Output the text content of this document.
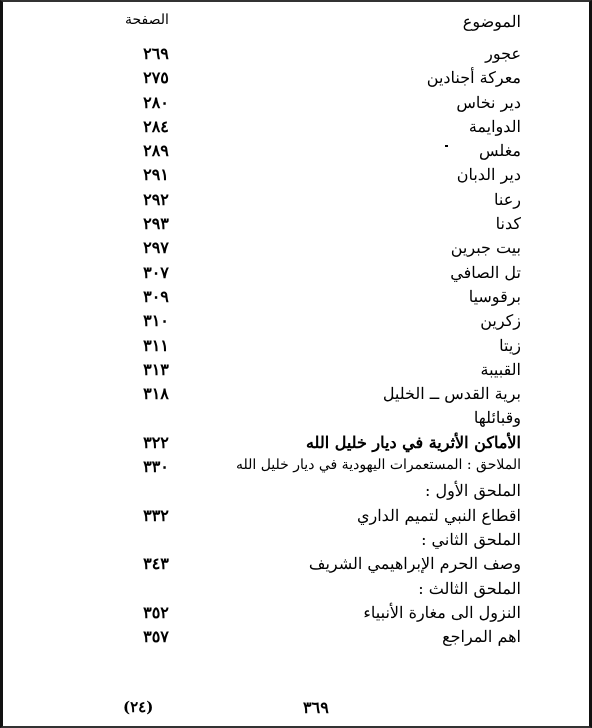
الموضوع
الصفحة
عجور
٢٦٩
معركة أجنادين
٢٧٥
دير نخاس
٢٨٠
الدوايمة
٢٨٤
مغلس
٢٨٩
دير الدبان
٢٩١
رعنا
٢٩٢
كدنا
٢٩٣
بيت جبرين
٢٩٧
تل الصافي
٣٠٧
برقوسيا
٣٠٩
زكرين
٣١٠
زيتا
٣١١
القبيبة
٣١٣
برية القدس ــ الخليل
٣١٨
وقبائلها
الأماكن الأثرية في ديار خليل الله
٣٢٢
الملاحق : المستعمرات اليهودية في ديار خليل الله
٣٣٠
الملحق الأول :
اقطاع النبي لتميم الداري
٣٣٢
الملحق الثاني :
وصف الحرم الإبراهيمي الشريف
٣٤٣
الملحق الثالث :
النزول الى مغارة الأنبياء
٣٥٢
اهم المراجع
٣٥٧
٣٦٩
(٢٤)
